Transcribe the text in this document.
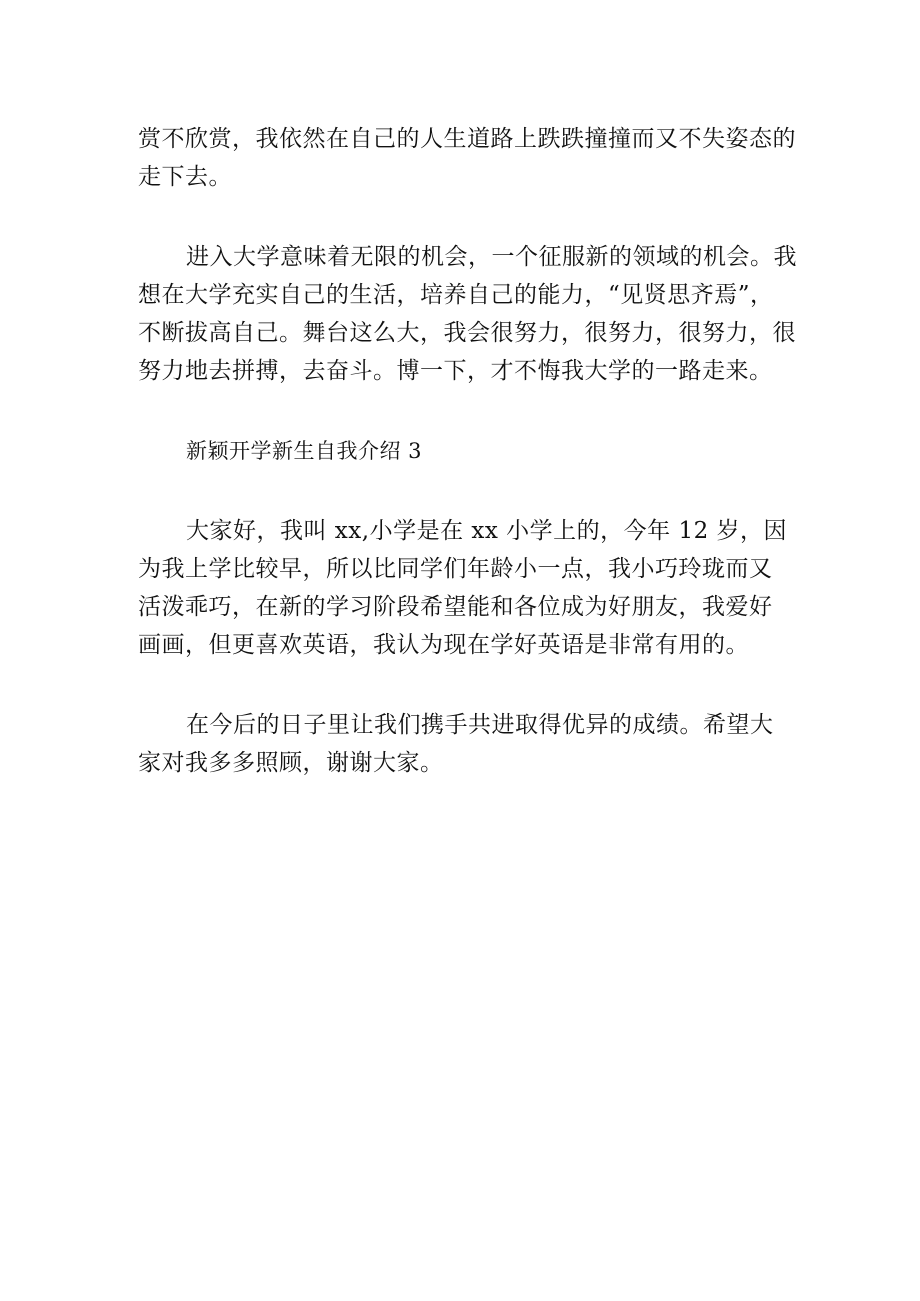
赏不欣赏，我依然在自己的人生道路上跌跌撞撞而又不失姿态的
走下去。

进入大学意味着无限的机会，一个征服新的领域的机会。我
想在大学充实自己的生活，培养自己的能力，“见贤思齐焉”，
不断拔高自己。舞台这么大，我会很努力，很努力，很努力，很
努力地去拼搏，去奋斗。博一下，才不悔我大学的一路走来。

新颖开学新生自我介绍 3

大家好，我叫 xx,小学是在 xx 小学上的，今年 12 岁，因
为我上学比较早，所以比同学们年龄小一点，我小巧玲珑而又
活泼乖巧，在新的学习阶段希望能和各位成为好朋友，我爱好
画画，但更喜欢英语，我认为现在学好英语是非常有用的。

在今后的日子里让我们携手共进取得优异的成绩。希望大
家对我多多照顾，谢谢大家。
